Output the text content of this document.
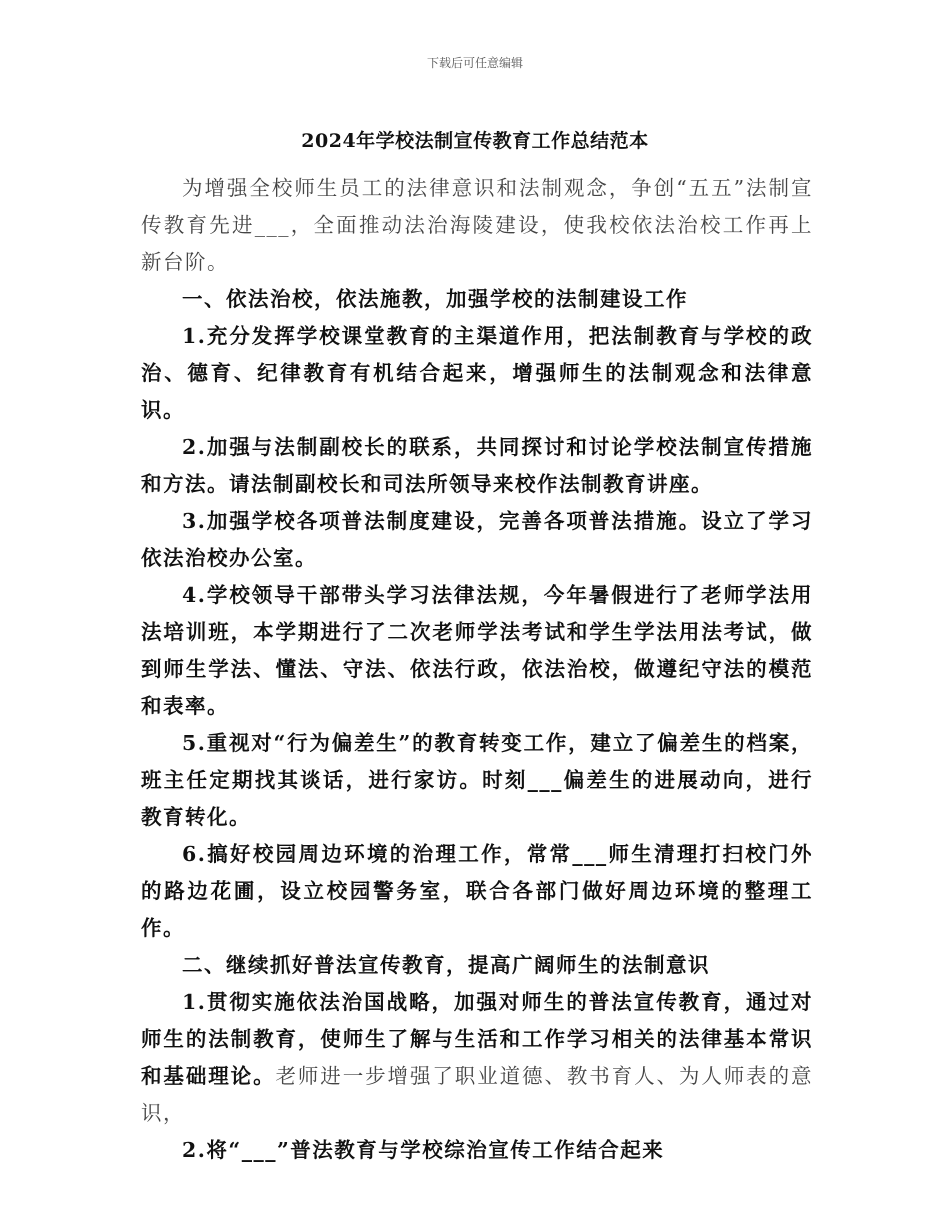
下载后可任意编辑
2024年学校法制宣传教育工作总结范本

为增强全校师生员工的法律意识和法制观念，争创“五五”法制宣传教育先进___，全面推动法治海陵建设，使我校依法治校工作再上新台阶。

一、依法治校，依法施教，加强学校的法制建设工作

1.充分发挥学校课堂教育的主渠道作用，把法制教育与学校的政治、德育、纪律教育有机结合起来，增强师生的法制观念和法律意识。

2.加强与法制副校长的联系，共同探讨和讨论学校法制宣传措施和方法。请法制副校长和司法所领导来校作法制教育讲座。

3.加强学校各项普法制度建设，完善各项普法措施。设立了学习依法治校办公室。

4.学校领导干部带头学习法律法规，今年暑假进行了老师学法用法培训班，本学期进行了二次老师学法考试和学生学法用法考试，做到师生学法、懂法、守法、依法行政，依法治校，做遵纪守法的模范和表率。

5.重视对“行为偏差生”的教育转变工作，建立了偏差生的档案，班主任定期找其谈话，进行家访。时刻___偏差生的进展动向，进行教育转化。

6.搞好校园周边环境的治理工作，常常___师生清理打扫校门外的路边花圃，设立校园警务室，联合各部门做好周边环境的整理工作。

二、继续抓好普法宣传教育，提高广阔师生的法制意识

1.贯彻实施依法治国战略，加强对师生的普法宣传教育，通过对师生的法制教育，使师生了解与生活和工作学习相关的法律基本常识和基础理论。老师进一步增强了职业道德、教书育人、为人师表的意识，

2.将“___”普法教育与学校综治宣传工作结合起来
